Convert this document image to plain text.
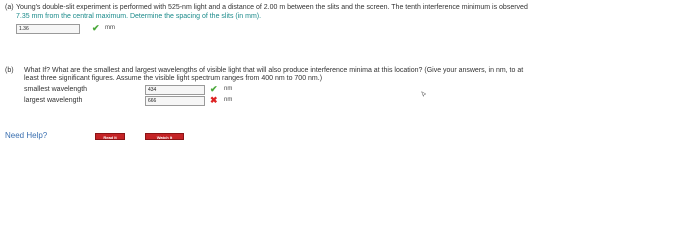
(a) Young's double-slit experiment is performed with 525-nm light and a distance of 2.00 m between the slits and the screen. The tenth interference minimum is observed
7.35 mm from the central maximum. Determine the spacing of the slits (in mm).
1.36	✔ mm
(b) What If? What are the smallest and largest wavelengths of visible light that will also produce interference minima at this location? (Give your answers, in nm, to at
least three significant figures. Assume the visible light spectrum ranges from 400 nm to 700 nm.)
smallest wavelength	434	✔ nm
largest wavelength	666	✖ nm
Need Help?	Read It	Watch It
